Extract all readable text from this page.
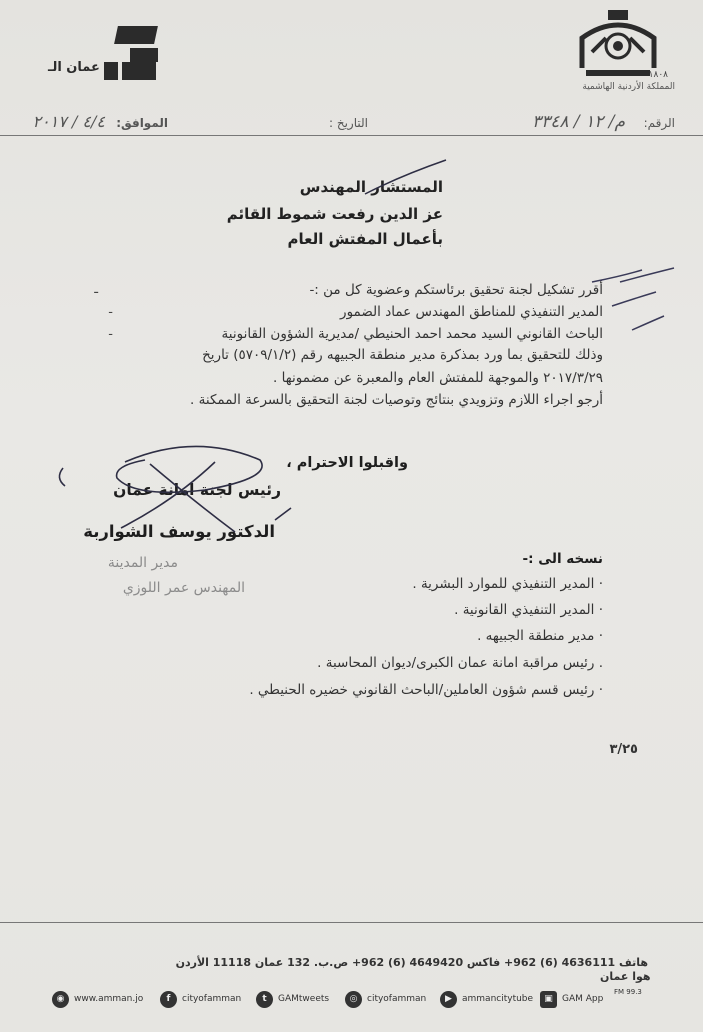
عمان الـ	١٨٠٨
المملكة الأردنية الهاشمية
الرقم:
م/ ١٢ / ٣٣٤٨
التاريخ :
الموافق:
٤/٤ / ٢٠١٧
المستشار المهندس
عز الدين رفعت شموط القائم
بأعمال المفتش العام
أقرر تشكيل لجنة تحقيق برئاستكم وعضوية كل من :-
ـ
المدير التنفيذي للمناطق المهندس عماد الضمور
-
الباحث القانوني السيد محمد احمد الحنيطي /مديرية الشؤون القانونية
-
وذلك للتحقيق بما ورد بمذكرة مدير منطقة الجبيهه رقم (٥٧٠٩/١/٢) تاريخ
٢٠١٧/٣/٢٩ والموجهة للمفتش العام والمعبرة عن مضمونها .
أرجو اجراء اللازم وتزويدي بنتائج وتوصيات لجنة التحقيق بالسرعة الممكنة .
واقبلوا الاحترام ،
رئيس لجنة امانة عمان
الدكتور يوسف الشواربة
مدير المدينة
المهندس عمر اللوزي
نسخه الى :-
· المدير التنفيذي للموارد البشرية .
· المدير التنفيذي القانونية .
· مدير منطقة الجبيهه .
. رئيس مراقبة امانة عمان الكبرى/ديوان المحاسبة .
· رئيس قسم شؤون العاملين/الباحث القانوني خضيره الحنيطي .
٣/٢٥
هاتف 4636111 (6) 962+ فاكس 4649420 (6) 962+ ص.ب. 132 عمان 11118 الأردن
◉	www.amman.jo	f	cityofamman	t	GAMtweets	◎	cityofamman	▶	ammancitytube	▣	GAM App
هوا عمان
FM 99.3
